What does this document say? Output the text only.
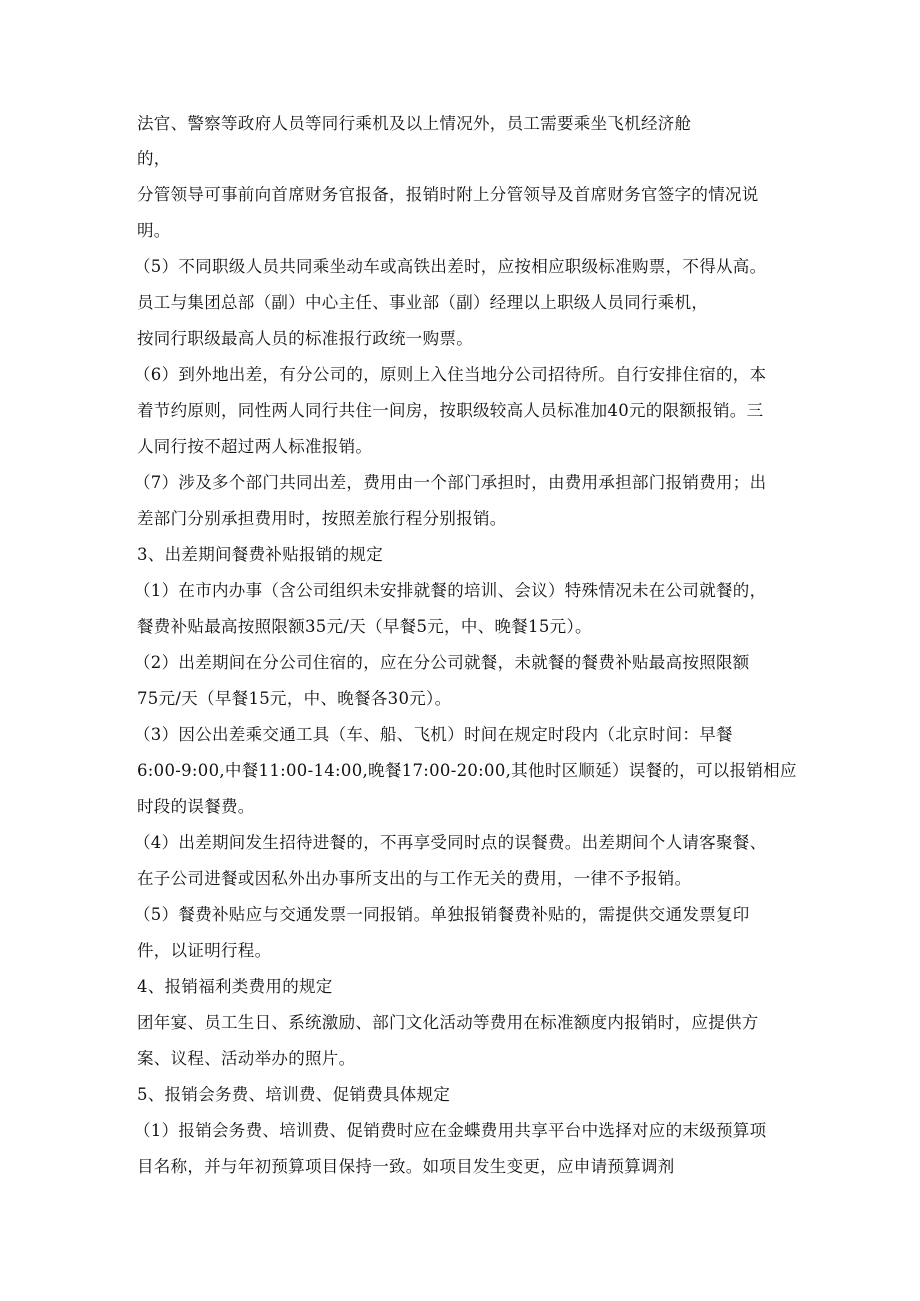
法官、警察等政府人员等同行乘机及以上情况外，员工需要乘坐飞机经济舱
的，
分管领导可事前向首席财务官报备，报销时附上分管领导及首席财务官签字的情况说
明。
（5）不同职级人员共同乘坐动车或高铁出差时，应按相应职级标准购票，不得从高。
员工与集团总部（副）中心主任、事业部（副）经理以上职级人员同行乘机，
按同行职级最高人员的标准报行政统一购票。
（6）到外地出差，有分公司的，原则上入住当地分公司招待所。自行安排住宿的，本
着节约原则，同性两人同行共住一间房，按职级较高人员标准加40元的限额报销。三
人同行按不超过两人标准报销。
（7）涉及多个部门共同出差，费用由一个部门承担时，由费用承担部门报销费用；出
差部门分别承担费用时，按照差旅行程分别报销。
3、出差期间餐费补贴报销的规定
（1）在市内办事（含公司组织未安排就餐的培训、会议）特殊情况未在公司就餐的，
餐费补贴最高按照限额35元/天（早餐5元，中、晚餐15元）。
（2）出差期间在分公司住宿的，应在分公司就餐，未就餐的餐费补贴最高按照限额
75元/天（早餐15元，中、晚餐各30元）。
（3）因公出差乘交通工具（车、船、飞机）时间在规定时段内（北京时间：早餐
6:00-9:00,中餐11:00-14:00,晚餐17:00-20:00,其他时区顺延）误餐的，可以报销相应
时段的误餐费。
（4）出差期间发生招待进餐的，不再享受同时点的误餐费。出差期间个人请客聚餐、
在子公司进餐或因私外出办事所支出的与工作无关的费用，一律不予报销。
（5）餐费补贴应与交通发票一同报销。单独报销餐费补贴的，需提供交通发票复印
件，以证明行程。
4、报销福利类费用的规定
团年宴、员工生日、系统激励、部门文化活动等费用在标准额度内报销时，应提供方
案、议程、活动举办的照片。
5、报销会务费、培训费、促销费具体规定
（1）报销会务费、培训费、促销费时应在金蝶费用共享平台中选择对应的末级预算项
目名称，并与年初预算项目保持一致。如项目发生变更，应申请预算调剂
